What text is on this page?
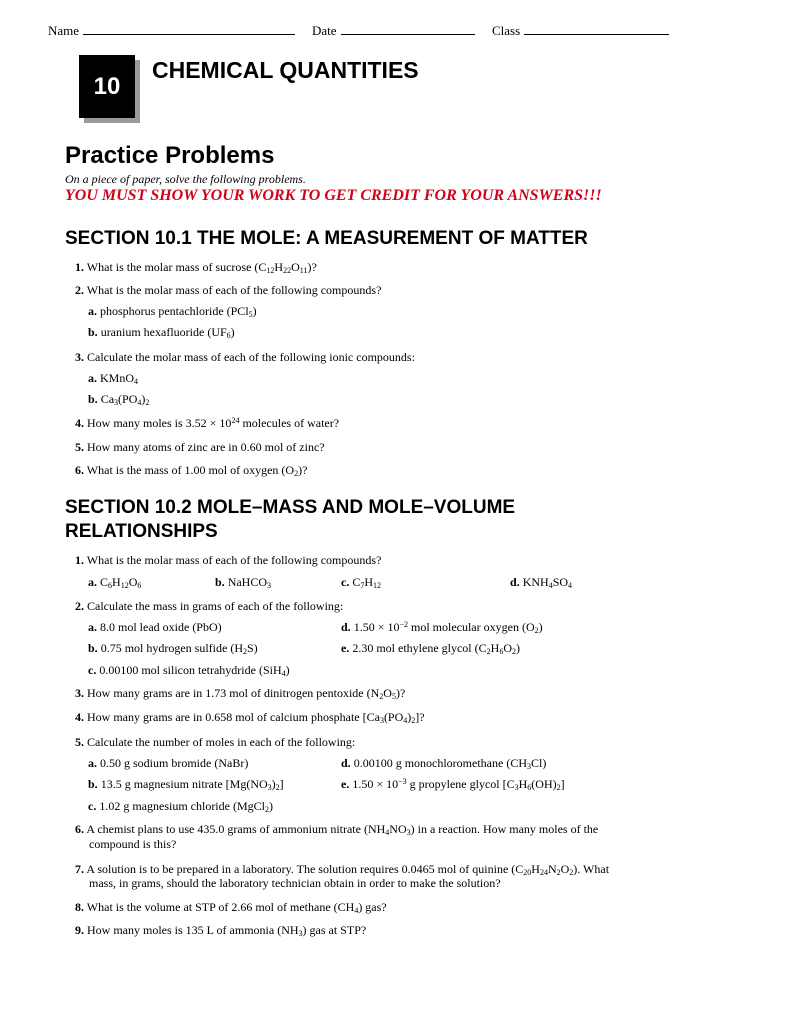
Name	Date	Class
10
CHEMICAL QUANTITIES
Practice Problems
On a piece of paper, solve the following problems.
YOU MUST SHOW YOUR WORK TO GET CREDIT FOR YOUR ANSWERS!!!
SECTION 10.1 THE MOLE: A MEASUREMENT OF MATTER
1. What is the molar mass of sucrose $(C_{12}H_{22}O_{11})$?
2. What is the molar mass of each of the following compounds?
a. phosphorus pentachloride (PCl$_5$)
b. uranium hexafluoride $(UF_6)$
3. Calculate the molar mass of each of the following ionic compounds:
a. KMnO$_4$
b. $Ca_3(PO_4)_2$
4. How many moles is $3.52 \times 10^{24}$ molecules of water?
5. How many atoms of zinc are in 0.60 mol of zinc?
6. What is the mass of 1.00 mol of oxygen $(O_2)$?
SECTION 10.2 MOLE–MASS AND MOLE–VOLUME
RELATIONSHIPS
1. What is the molar mass of each of the following compounds?
a. $C_6H_{12}O_6$	b. NaHCO$_3$	c. $C_7H_{12}$	d. $KNH_4SO_4$
2. Calculate the mass in grams of each of the following:
a. 8.0 mol lead oxide (PbO)	d. $1.50 \times 10^{-2}$ mol molecular oxygen $(O_2)$
b. 0.75 mol hydrogen sulfide $(H_2S)$	e. 2.30 mol ethylene glycol $(C_2H_6O_2)$
c. 0.00100 mol silicon tetrahydride (SiH$_4$)
3. How many grams are in 1.73 mol of dinitrogen pentoxide $(N_2O_5)$?
4. How many grams are in 0.658 mol of calcium phosphate $[Ca_3(PO_4)_2]$?
5. Calculate the number of moles in each of the following:
a. 0.50 g sodium bromide (NaBr)	d. 0.00100 g monochloromethane $(CH_3Cl)$
b. 13.5 g magnesium nitrate $[Mg(NO_3)_2]$	e. $1.50 \times 10^{-3}$ g propylene glycol $[C_3H_6(OH)_2]$
c. 1.02 g magnesium chloride (MgCl$_2$)
6. A chemist plans to use 435.0 grams of ammonium nitrate $(NH_4NO_3)$ in a reaction. How many moles of the
compound is this?
7. A solution is to be prepared in a laboratory. The solution requires 0.0465 mol of quinine $(C_{20}H_{24}N_2O_2)$. What
mass, in grams, should the laboratory technician obtain in order to make the solution?
8. What is the volume at STP of 2.66 mol of methane $(CH_4)$ gas?
9. How many moles is 135 L of ammonia $(NH_3)$ gas at STP?
